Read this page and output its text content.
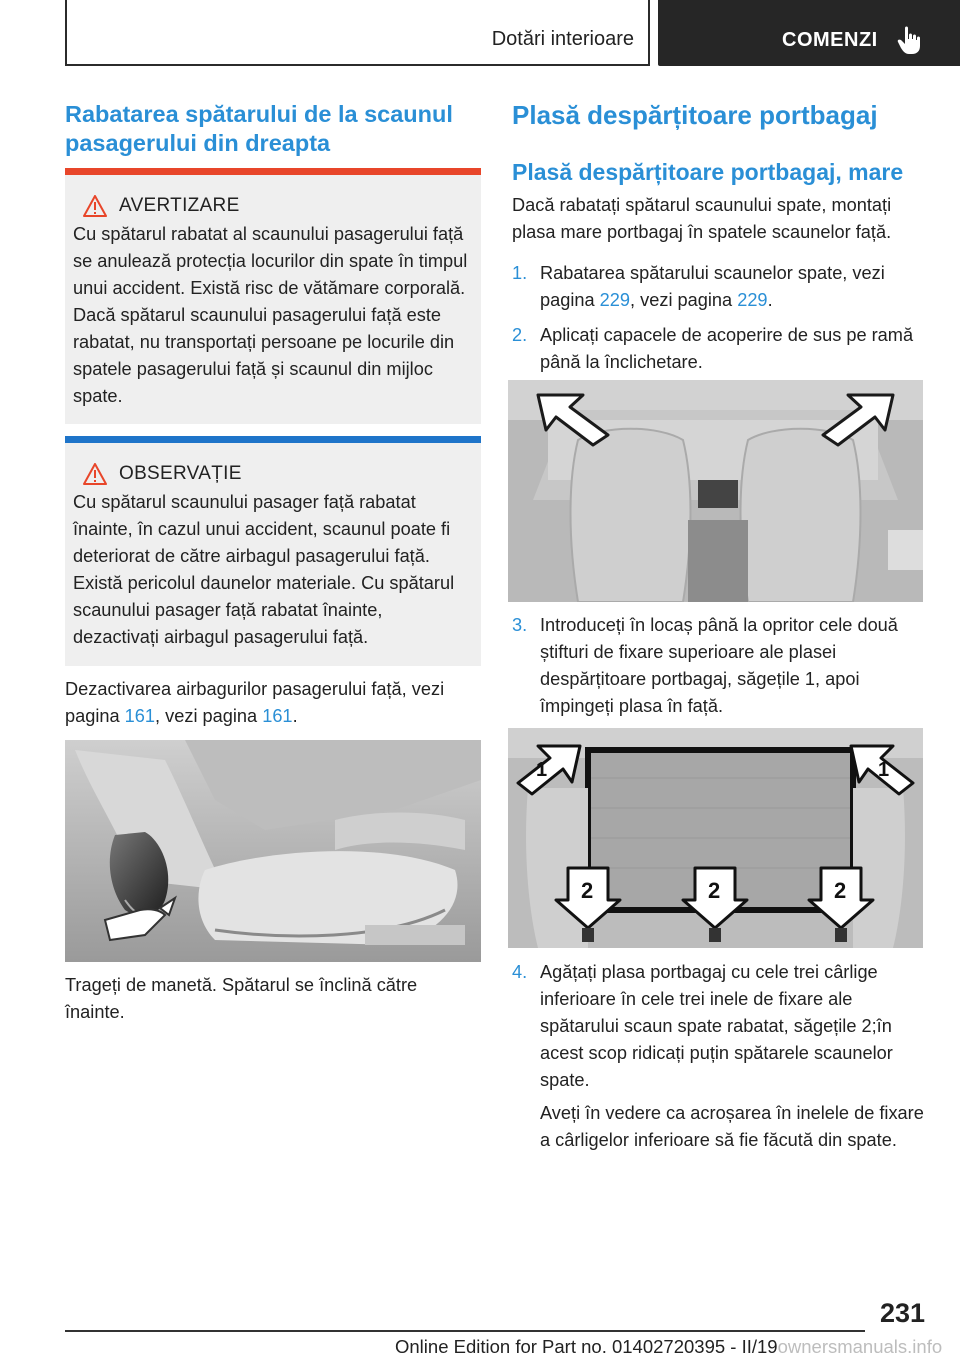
Dotări interioare	COMENZI
Rabatarea spătarului de la scaunul pasagerului din dreapta
AVERTIZARE

Cu spătarul rabatat al scaunului pasagerului față se anulează protecția locurilor din spate în timpul unui accident. Există risc de vătămare corporală. Dacă spătarul scaunului pasagerului față este rabatat, nu transportați persoane pe locurile din spatele pasagerului față și scaunul din mijloc spate.

OBSERVAȚIE

Cu spătarul scaunului pasager față rabatat înainte, în cazul unui accident, scaunul poate fi deteriorat de către airbagul pasagerului față. Există pericolul daunelor materiale. Cu spătarul scaunului pasager față rabatat înainte, dezactivați airbagul pasagerului față.

Dezactivarea airbagurilor pasagerului față, vezi pagina 161, vezi pagina 161.

Trageți de manetă. Spătarul se înclină către înainte.

Plasă despărțitoare portbagaj
Plasă despărțitoare portbagaj, mare

Dacă rabatați spătarul scaunului spate, montați plasa mare portbagaj în spatele scaunelor față.

1. Rabatarea spătarului scaunelor spate, vezi pagina 229, vezi pagina 229.
2. Aplicați capacele de acoperire de sus pe ramă până la înclichetare.
3. Introduceți în locaș până la opritor cele două știfturi de fixare superioare ale plasei despărțitoare portbagaj, săgețile 1, apoi împingeți plasa în față.
1	1
2	2	2
4. Agățați plasa portbagaj cu cele trei cârlige inferioare în cele trei inele de fixare ale spătarului scaun spate rabatat, săgețile 2;în acest scop ridicați puțin spătarele scaunelor spate.

Aveți în vedere ca acroșarea în inelele de fixare a cârligelor inferioare să fie făcută din spate.

231
Online Edition for Part no. 01402720395 - II/19ownersmanuals.info
